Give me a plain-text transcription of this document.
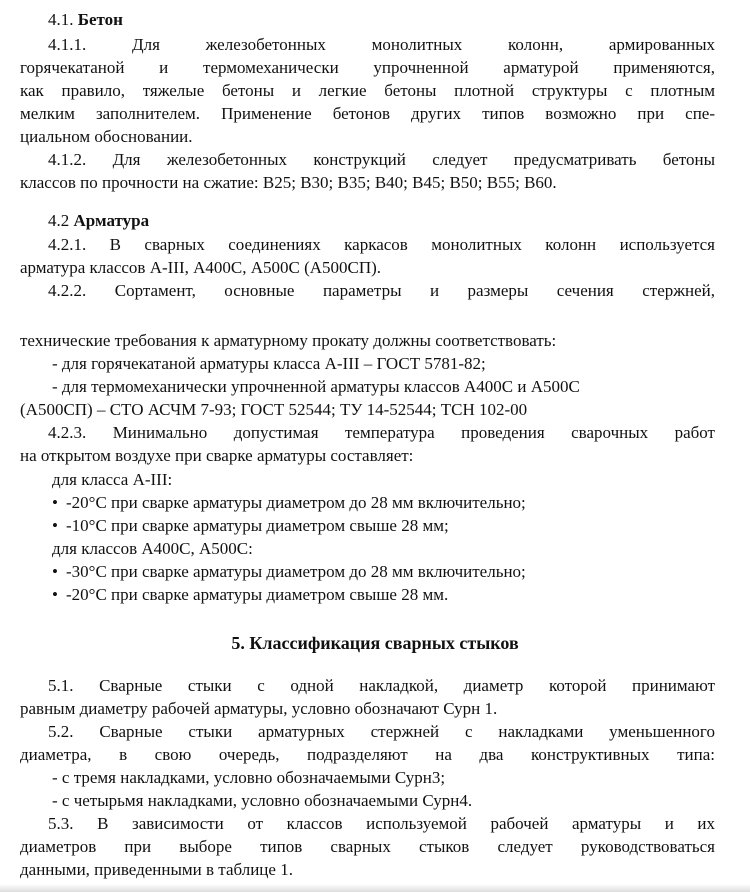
4.1. Бетон
4.1.1. Для железобетонных монолитных колонн, армированных
горячекатаной и термомеханически упрочненной арматурой применяются,
как правило, тяжелые бетоны и легкие бетоны плотной структуры с плотным
мелким заполнителем. Применение бетонов других типов возможно при спе-
циальном обосновании.
4.1.2. Для железобетонных конструкций следует предусматривать бетоны
классов по прочности на сжатие: В25; В30; В35; В40; В45; В50; В55; В60.
4.2 Арматура
4.2.1. В сварных соединениях каркасов монолитных колонн используется
арматура классов А-III, А400С, А500С (А500СП).
4.2.2. Сортамент, основные параметры и размеры сечения стержней,
технические требования к арматурному прокату должны соответствовать:
- для горячекатаной арматуры класса А-III – ГОСТ 5781-82;
- для термомеханически упрочненной арматуры классов А400С и А500С
(А500СП) – СТО АСЧМ 7-93; ГОСТ 52544; ТУ 14-52544; ТСН 102-00
4.2.3. Минимально допустимая температура проведения сварочных работ
на открытом воздухе при сварке арматуры составляет:
для класса А-III:
• -20°С при сварке арматуры диаметром до 28 мм включительно;
• -10°С при сварке арматуры диаметром свыше 28 мм;
для классов А400С, А500С:
• -30°С при сварке арматуры диаметром до 28 мм включительно;
• -20°С при сварке арматуры диаметром свыше 28 мм.
5. Классификация сварных стыков
5.1. Сварные стыки с одной накладкой, диаметр которой принимают
равным диаметру рабочей арматуры, условно обозначают Сурн 1.
5.2. Сварные стыки арматурных стержней с накладками уменьшенного
диаметра, в свою очередь, подразделяют на два конструктивных типа:
- с тремя накладками, условно обозначаемыми Сурн3;
- с четырьмя накладками, условно обозначаемыми Сурн4.
5.3. В зависимости от классов используемой рабочей арматуры и их
диаметров при выборе типов сварных стыков следует руководствоваться
данными, приведенными в таблице 1.
